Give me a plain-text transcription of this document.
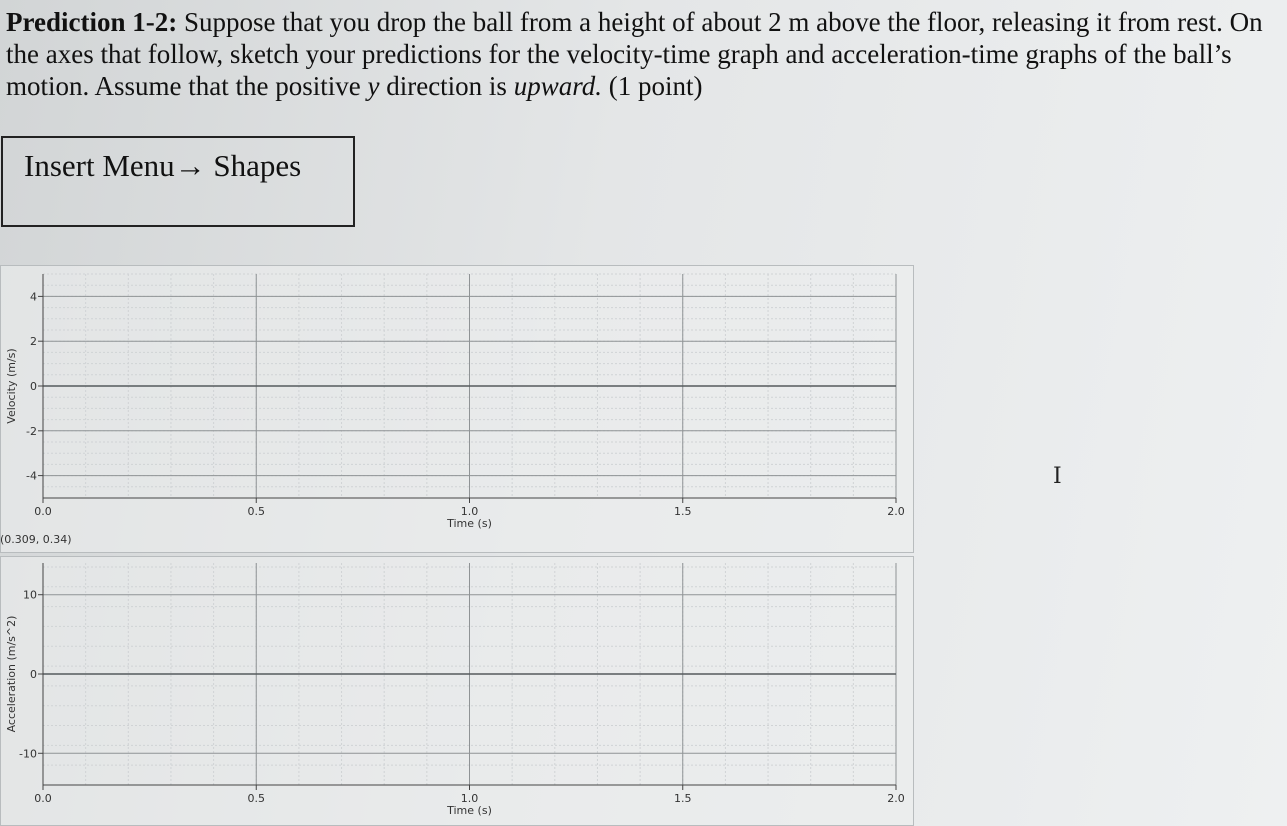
Prediction 1-2: Suppose that you drop the ball from a height of about 2 m above the floor, releasing it from rest. On the axes that follow, sketch your predictions for the velocity-time graph and acceleration-time graphs of the ball’s motion. Assume that the positive y direction is upward. (1 point)
Insert Menu→ Shapes
4
2
0
-2
-4
0.0	0.5	1.0	1.5	2.0
Time (s)
Velocity (m/s)
(0.309, 0.34)
10
0
-10
0.0	0.5	1.0	1.5	2.0
Time (s)
Acceleration (m/s^2)
I
